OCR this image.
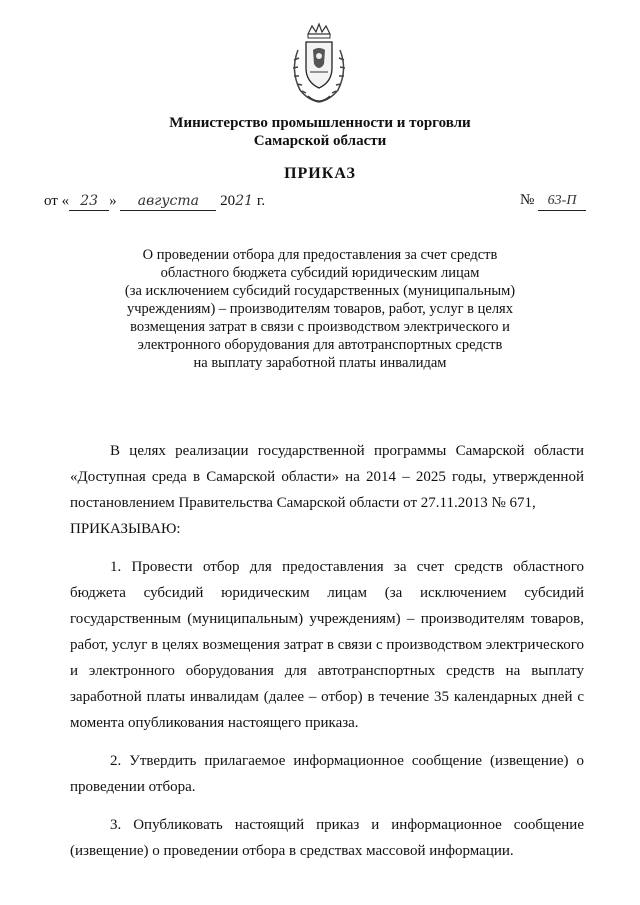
Министерство промышленности и торговли
Самарской области
ПРИКАЗ
от « 23 » августа 2021 г.	№ 63-П
О проведении отбора для предоставления за счет средств
областного бюджета субсидий юридическим лицам
(за исключением субсидий государственных (муниципальным)
учреждениям) – производителям товаров, работ, услуг в целях
возмещения затрат в связи с производством электрического и
электронного оборудования для автотранспортных средств
на выплату заработной платы инвалидам

В целях реализации государственной программы Самарской области «Доступная среда в Самарской области» на 2014 – 2025 годы, утвержденной постановлением Правительства Самарской области от 27.11.2013 № 671,

ПРИКАЗЫВАЮ:

1. Провести отбор для предоставления за счет средств областного бюджета субсидий юридическим лицам (за исключением субсидий государственным (муниципальным) учреждениям) – производителям товаров, работ, услуг в целях возмещения затрат в связи с производством электрического и электронного оборудования для автотранспортных средств на выплату заработной платы инвалидам (далее – отбор) в течение 35 календарных дней с момента опубликования настоящего приказа.

2. Утвердить прилагаемое информационное сообщение (извещение) о проведении отбора.

3. Опубликовать настоящий приказ и информационное сообщение (извещение) о проведении отбора в средствах массовой информации.
